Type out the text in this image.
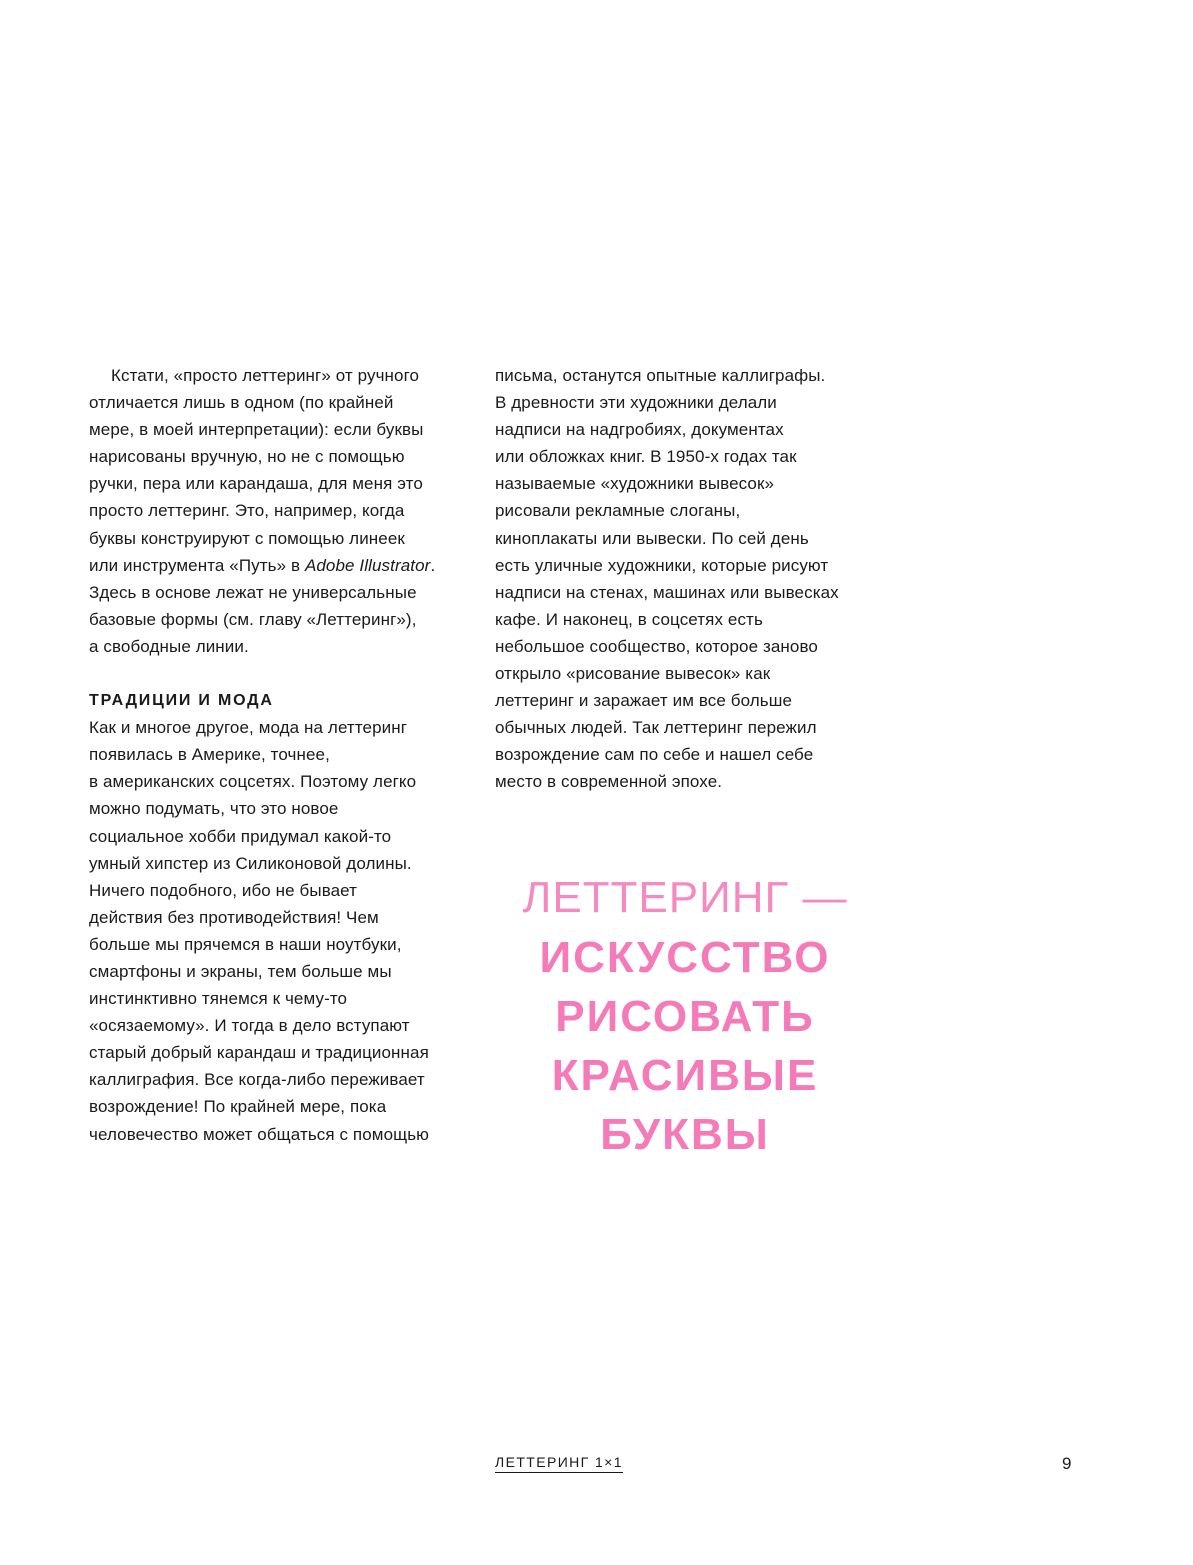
Кстати, «просто леттеринг» от ручного
отличается лишь в одном (по крайней
мере, в моей интерпретации): если буквы
нарисованы вручную, но не с помощью
ручки, пера или карандаша, для меня это
просто леттеринг. Это, например, когда
буквы конструируют с помощью линеек
или инструмента «Путь» в Adobe Illustrator.
Здесь в основе лежат не универсальные
базовые формы (см. главу «Леттеринг»),
а свободные линии.
ТРАДИЦИИ И МОДА
Как и многое другое, мода на леттеринг
появилась в Америке, точнее,
в американских соцсетях. Поэтому легко
можно подумать, что это новое
социальное хобби придумал какой-то
умный хипстер из Силиконовой долины.
Ничего подобного, ибо не бывает
действия без противодействия! Чем
больше мы прячемся в наши ноутбуки,
смартфоны и экраны, тем больше мы
инстинктивно тянемся к чему-то
«осязаемому». И тогда в дело вступают
старый добрый карандаш и традиционная
каллиграфия. Все когда-либо переживает
возрождение! По крайней мере, пока
человечество может общаться с помощью
письма, останутся опытные каллиграфы.
В древности эти художники делали
надписи на надгробиях, документах
или обложках книг. В 1950-х годах так
называемые «художники вывесок»
рисовали рекламные слоганы,
киноплакаты или вывески. По сей день
есть уличные художники, которые рисуют
надписи на стенах, машинах или вывесках
кафе. И наконец, в соцсетях есть
небольшое сообщество, которое заново
открыло «рисование вывесок» как
леттеринг и заражает им все больше
обычных людей. Так леттеринг пережил
возрождение сам по себе и нашел себе
место в современной эпохе.
ЛЕТТЕРИНГ —
ИСКУССТВО
РИСОВАТЬ
КРАСИВЫЕ
БУКВЫ
ЛЕТТЕРИНГ 1×1	9
